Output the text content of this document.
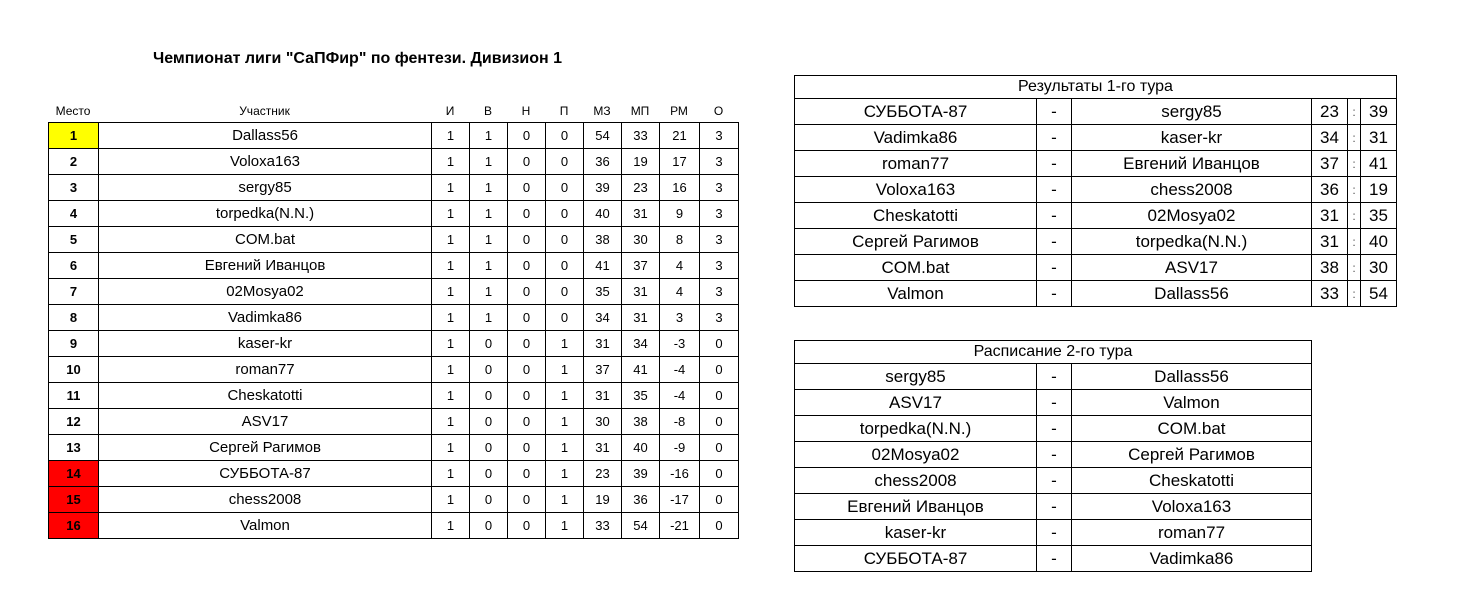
Чемпионат лиги "СаПФир" по фентези. Дивизион 1
Место	Участник	И	В	Н	П	МЗ	МП	РМ	О
1	Dallass56	1	1	0	0	54	33	21	3
2	Voloxa163	1	1	0	0	36	19	17	3
3	sergy85	1	1	0	0	39	23	16	3
4	torpedka(N.N.)	1	1	0	0	40	31	9	3
5	COM.bat	1	1	0	0	38	30	8	3
6	Евгений Иванцов	1	1	0	0	41	37	4	3
7	02Mosya02	1	1	0	0	35	31	4	3
8	Vadimka86	1	1	0	0	34	31	3	3
9	kaser-kr	1	0	0	1	31	34	-3	0
10	roman77	1	0	0	1	37	41	-4	0
11	Cheskatotti	1	0	0	1	31	35	-4	0
12	ASV17	1	0	0	1	30	38	-8	0
13	Сергей Рагимов	1	0	0	1	31	40	-9	0
14	СУББОТА-87	1	0	0	1	23	39	-16	0
15	chess2008	1	0	0	1	19	36	-17	0
16	Valmon	1	0	0	1	33	54	-21	0
Результаты 1-го тура					
СУББОТА-87	-	sergy85	23	:	39
Vadimka86	-	kaser-kr	34	:	31
roman77	-	Евгений Иванцов	37	:	41
Voloxa163	-	chess2008	36	:	19
Cheskatotti	-	02Mosya02	31	:	35
Сергей Рагимов	-	torpedka(N.N.)	31	:	40
COM.bat	-	ASV17	38	:	30
Valmon	-	Dallass56	33	:	54
Расписание 2-го тура		
sergy85	-	Dallass56
ASV17	-	Valmon
torpedka(N.N.)	-	COM.bat
02Mosya02	-	Сергей Рагимов
chess2008	-	Cheskatotti
Евгений Иванцов	-	Voloxa163
kaser-kr	-	roman77
СУББОТА-87	-	Vadimka86
